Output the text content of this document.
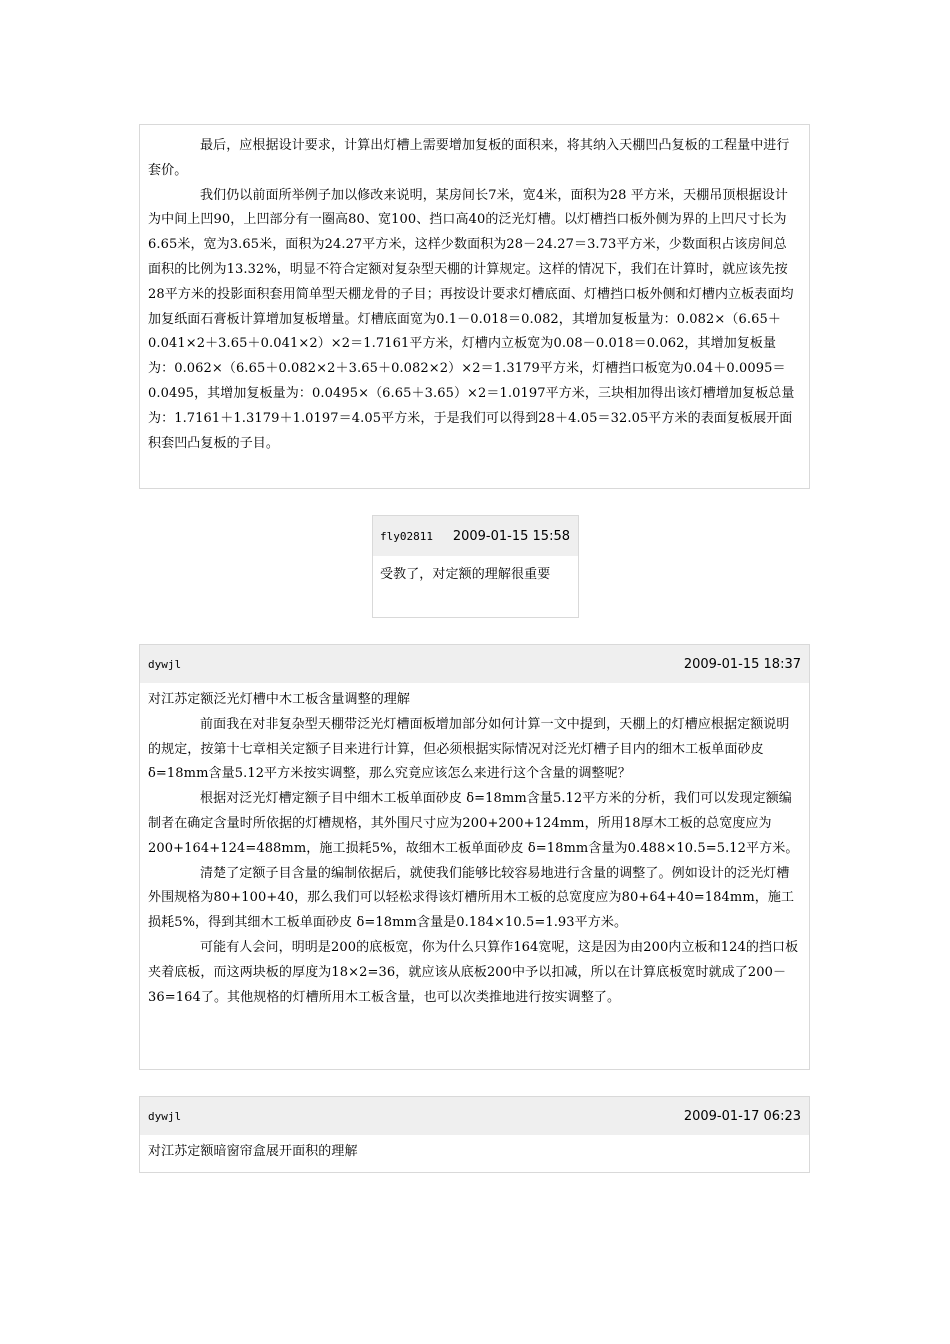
最后，应根据设计要求，计算出灯槽上需要增加复板的面积来，将其纳入天棚凹凸复板的工程量中进行套价。

我们仍以前面所举例子加以修改来说明，某房间长7米，宽4米，面积为28 平方米，天棚吊顶根据设计为中间上凹90，上凹部分有一圈高80、宽100、挡口高40的泛光灯槽。以灯槽挡口板外侧为界的上凹尺寸长为6.65米，宽为3.65米，面积为24.27平方米，这样少数面积为28－24.27＝3.73平方米，少数面积占该房间总面积的比例为13.32%，明显不符合定额对复杂型天棚的计算规定。这样的情况下，我们在计算时，就应该先按28平方米的投影面积套用简单型天棚龙骨的子目；再按设计要求灯槽底面、灯槽挡口板外侧和灯槽内立板表面均加复纸面石膏板计算增加复板增量。灯槽底面宽为0.1－0.018＝0.082，其增加复板量为：0.082×（6.65＋0.041×2＋3.65＋0.041×2）×2＝1.7161平方米，灯槽内立板宽为0.08－0.018＝0.062，其增加复板量为：0.062×（6.65＋0.082×2＋3.65＋0.082×2）×2＝1.3179平方米，灯槽挡口板宽为0.04＋0.0095＝0.0495，其增加复板量为：0.0495×（6.65＋3.65）×2＝1.0197平方米，三块相加得出该灯槽增加复板总量为：1.7161＋1.3179＋1.0197＝4.05平方米，于是我们可以得到28＋4.05＝32.05平方米的表面复板展开面积套凹凸复板的子目。

fly02811 2009-01-15 15:58

受教了，对定额的理解很重要

dywjl	2009-01-15 18:37

对江苏定额泛光灯槽中木工板含量调整的理解

前面我在对非复杂型天棚带泛光灯槽面板增加部分如何计算一文中提到，天棚上的灯槽应根据定额说明的规定，按第十七章相关定额子目来进行计算，但必须根据实际情况对泛光灯槽子目内的细木工板单面砂皮 δ=18mm含量5.12平方米按实调整，那么究竟应该怎么来进行这个含量的调整呢？

根据对泛光灯槽定额子目中细木工板单面砂皮 δ=18mm含量5.12平方米的分析，我们可以发现定额编制者在确定含量时所依据的灯槽规格，其外围尺寸应为200+200+124mm，所用18厚木工板的总宽度应为200+164+124=488mm，施工损耗5%，故细木工板单面砂皮 δ=18mm含量为0.488×10.5=5.12平方米。

清楚了定额子目含量的编制依据后，就使我们能够比较容易地进行含量的调整了。例如设计的泛光灯槽外围规格为80+100+40，那么我们可以轻松求得该灯槽所用木工板的总宽度应为80+64+40=184mm，施工损耗5%，得到其细木工板单面砂皮 δ=18mm含量是0.184×10.5=1.93平方米。

可能有人会问，明明是200的底板宽，你为什么只算作164宽呢，这是因为由200内立板和124的挡口板夹着底板，而这两块板的厚度为18×2=36，就应该从底板200中予以扣减，所以在计算底板宽时就成了200－36=164了。其他规格的灯槽所用木工板含量，也可以次类推地进行按实调整了。

dywjl	2009-01-17 06:23

对江苏定额暗窗帘盒展开面积的理解
